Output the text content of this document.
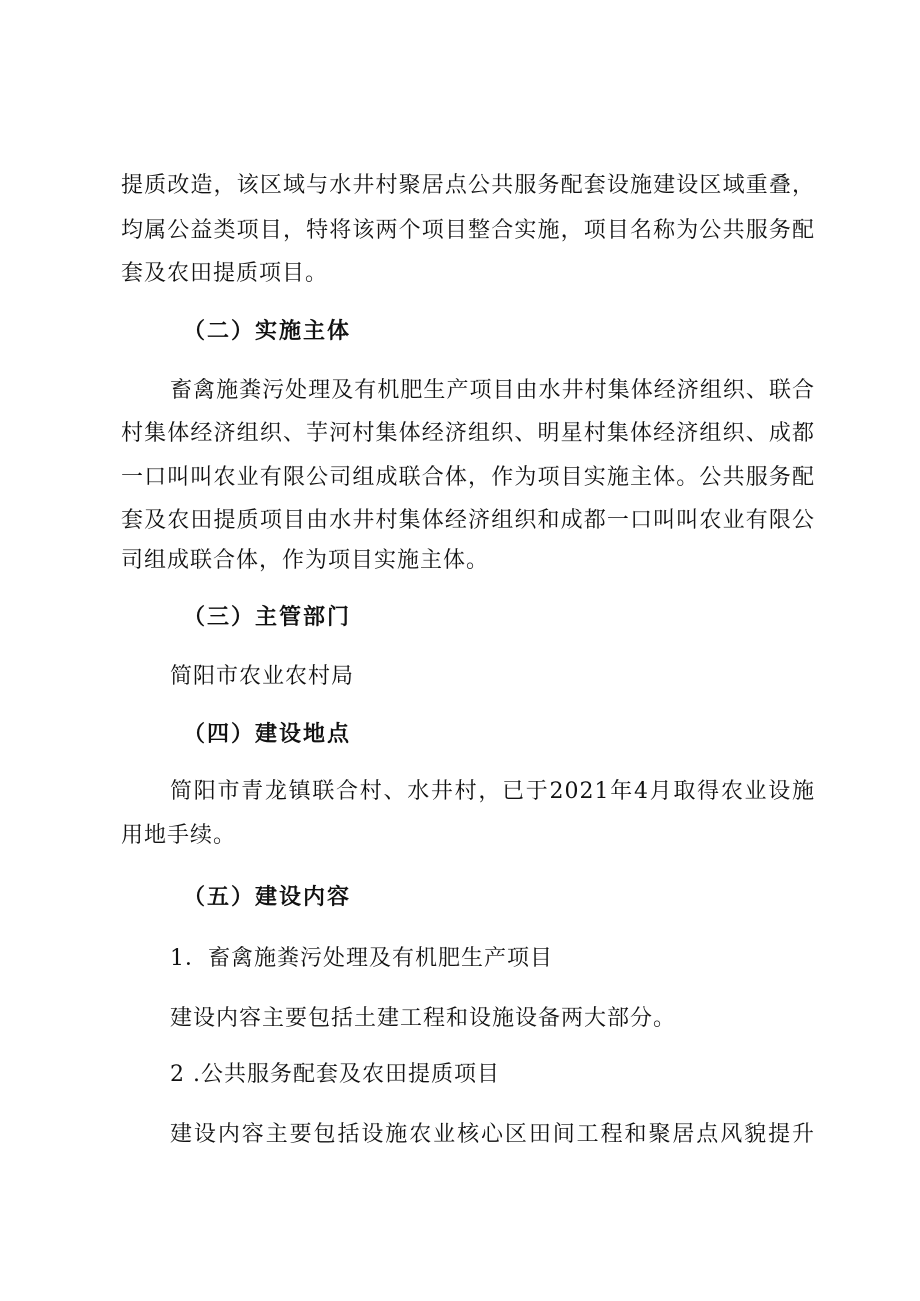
提质改造，该区域与水井村聚居点公共服务配套设施建设区域重叠，
均属公益类项目，特将该两个项目整合实施，项目名称为公共服务配
套及农田提质项目。
（二）实施主体
畜禽施粪污处理及有机肥生产项目由水井村集体经济组织、联合
村集体经济组织、芋河村集体经济组织、明星村集体经济组织、成都
一口叫叫农业有限公司组成联合体，作为项目实施主体。公共服务配
套及农田提质项目由水井村集体经济组织和成都一口叫叫农业有限公
司组成联合体，作为项目实施主体。
（三）主管部门
简阳市农业农村局
（四）建设地点
简阳市青龙镇联合村、水井村，已于2021年4月取得农业设施
用地手续。
（五）建设内容
1．畜禽施粪污处理及有机肥生产项目
建设内容主要包括土建工程和设施设备两大部分。
2 .公共服务配套及农田提质项目
建设内容主要包括设施农业核心区田间工程和聚居点风貌提升
